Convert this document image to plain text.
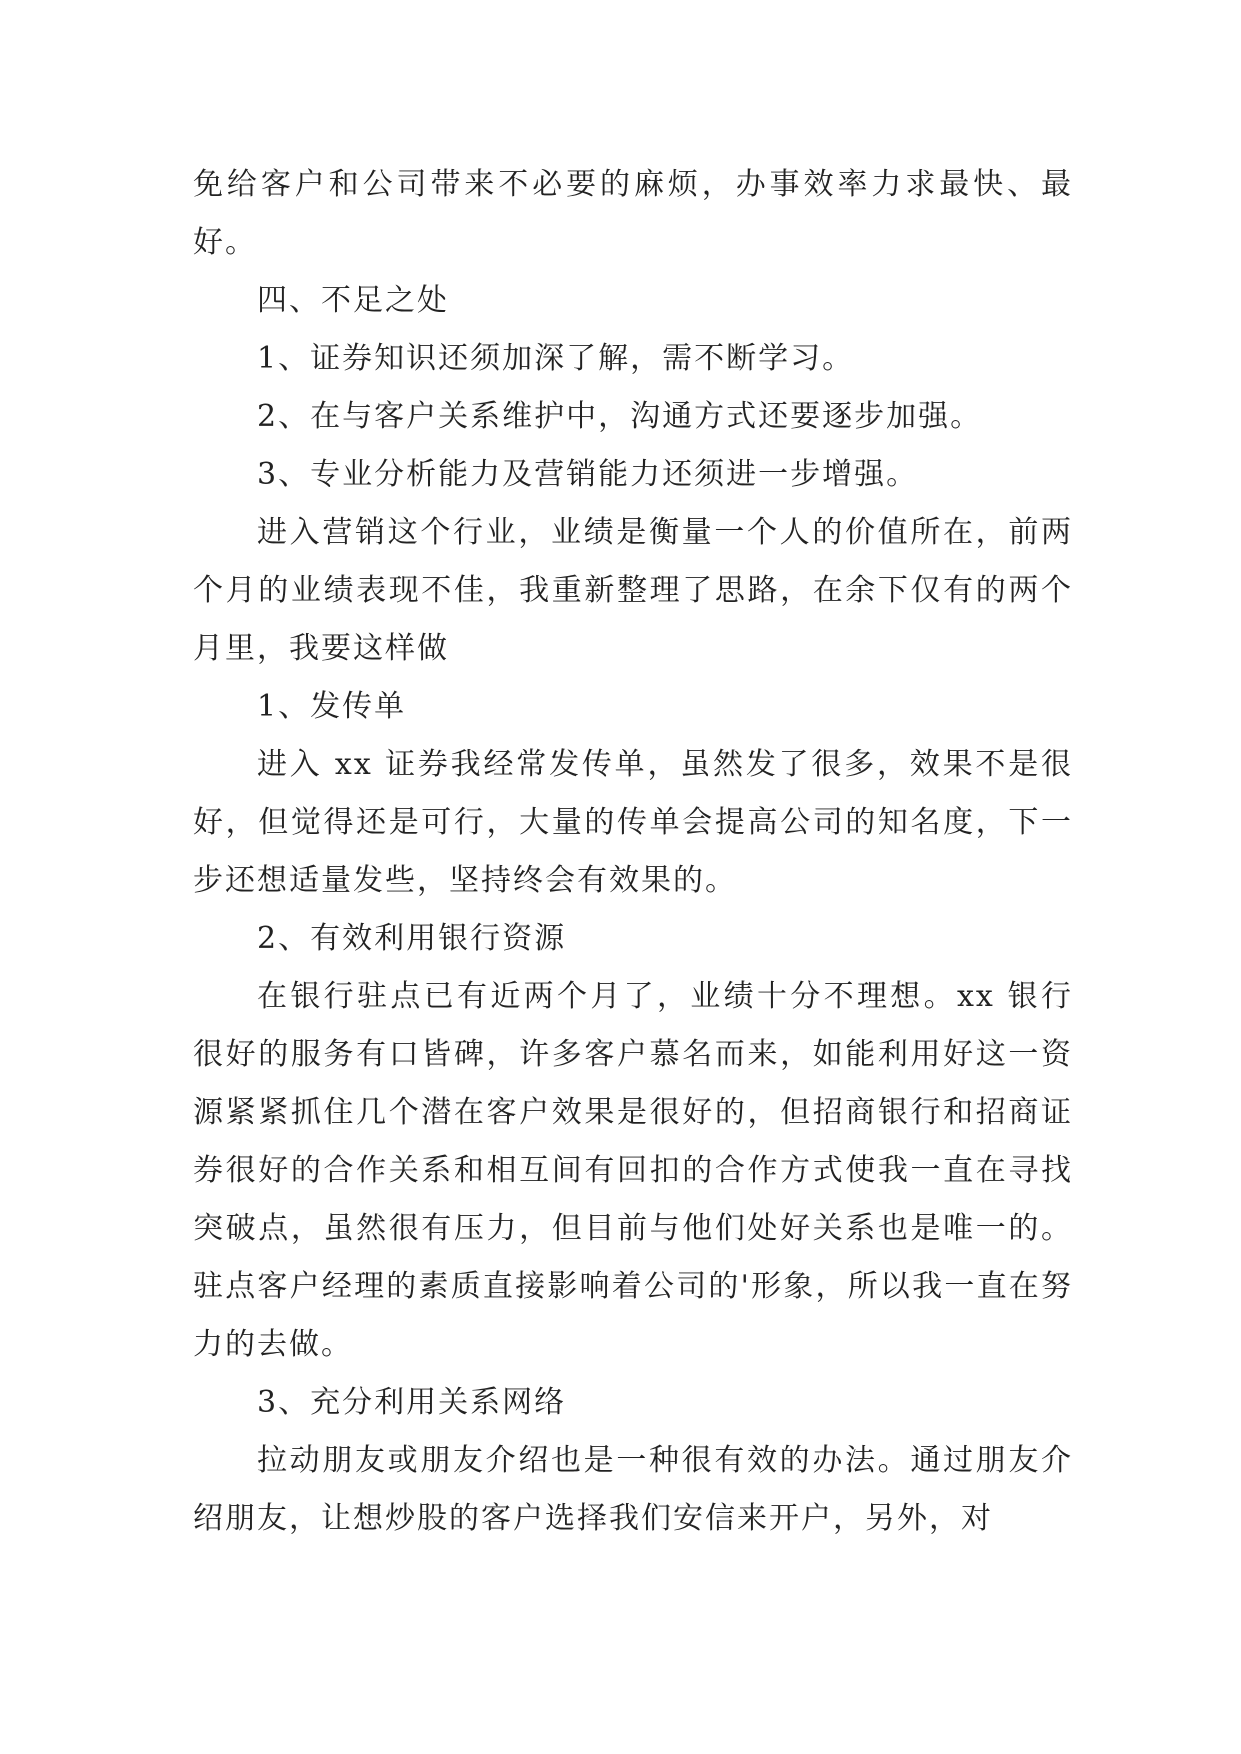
免给客户和公司带来不必要的麻烦，办事效率力求最快、最好。

四、不足之处

1、证券知识还须加深了解，需不断学习。

2、在与客户关系维护中，沟通方式还要逐步加强。

3、专业分析能力及营销能力还须进一步增强。

进入营销这个行业，业绩是衡量一个人的价值所在，前两个月的业绩表现不佳，我重新整理了思路，在余下仅有的两个月里，我要这样做

1、发传单

进入 xx 证券我经常发传单，虽然发了很多，效果不是很好，但觉得还是可行，大量的传单会提高公司的知名度，下一步还想适量发些，坚持终会有效果的。

2、有效利用银行资源

在银行驻点已有近两个月了，业绩十分不理想。xx 银行很好的服务有口皆碑，许多客户慕名而来，如能利用好这一资源紧紧抓住几个潜在客户效果是很好的，但招商银行和招商证券很好的合作关系和相互间有回扣的合作方式使我一直在寻找突破点，虽然很有压力，但目前与他们处好关系也是唯一的。驻点客户经理的素质直接影响着公司的'形象，所以我一直在努力的去做。

3、充分利用关系网络

拉动朋友或朋友介绍也是一种很有效的办法。通过朋友介绍朋友，让想炒股的客户选择我们安信来开户，另外，对
